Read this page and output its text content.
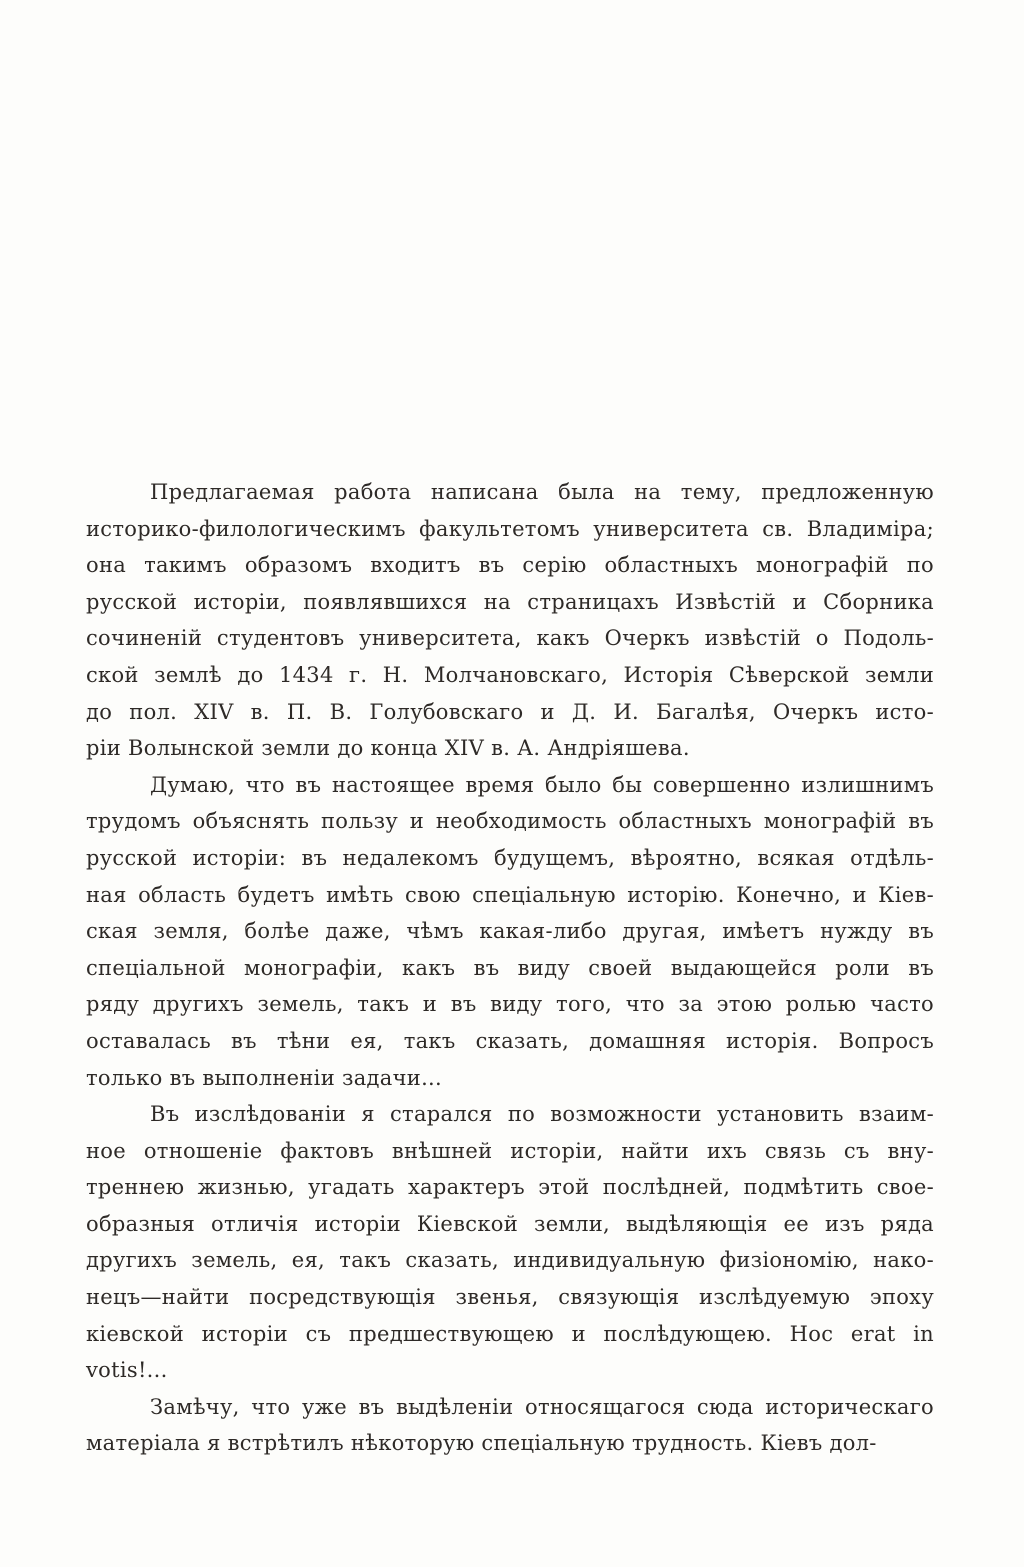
Предлагаемая работа написана была на тему, предложенную
историко-филологическимъ факультетомъ университета св. Владиміра;
она такимъ образомъ входитъ въ серію областныхъ монографій по
русской исторіи, появлявшихся на страницахъ Извѣстій и Сборника
сочиненій студентовъ университета, какъ Очеркъ извѣстій о Подоль-
ской землѣ до 1434 г. Н. Молчановскаго, Исторія Сѣверской земли
до пол. XIV в. П. В. Голубовскаго и Д. И. Багалѣя, Очеркъ исто-
ріи Волынской земли до конца XIV в. А. Андріяшева.

Думаю, что въ настоящее время было бы совершенно излишнимъ
трудомъ объяснять пользу и необходимость областныхъ монографій въ
русской исторіи: въ недалекомъ будущемъ, вѣроятно, всякая отдѣль-
ная область будетъ имѣть свою спеціальную исторію. Конечно, и Кіев-
ская земля, болѣе даже, чѣмъ какая-либо другая, имѣетъ нужду въ
спеціальной монографіи, какъ въ виду своей выдающейся роли въ
ряду другихъ земель, такъ и въ виду того, что за этою ролью часто
оставалась въ тѣни ея, такъ сказать, домашняя исторія. Вопросъ
только въ выполненіи задачи...

Въ изслѣдованіи я старался по возможности установить взаим-
ное отношеніе фактовъ внѣшней исторіи, найти ихъ связь съ вну-
треннею жизнью, угадать характеръ этой послѣдней, подмѣтить свое-
образныя отличія исторіи Кіевской земли, выдѣляющія ее изъ ряда
другихъ земель, ея, такъ сказать, индивидуальную физіономію, нако-
нецъ—найти посредствующія звенья, связующія изслѣдуемую эпоху
кіевской исторіи съ предшествующею и послѣдующею. Hoc erat in
votis!...

Замѣчу, что уже въ выдѣленіи относящагося сюда историческаго
матеріала я встрѣтилъ нѣкоторую спеціальную трудность. Кіевъ дол-
